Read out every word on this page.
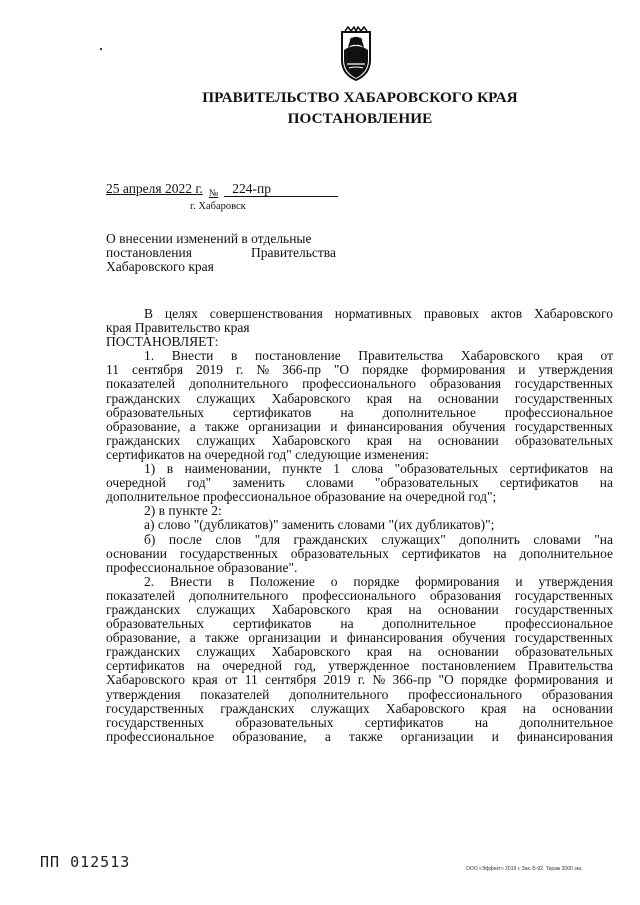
ПРАВИТЕЛЬСТВО ХАБАРОВСКОГО КРАЯ
ПОСТАНОВЛЕНИЕ
25 апреля 2022 г. $_№$ 224-пр
г. Хабаровск
О внесении изменений в отдельные
постановления Правительства
Хабаровского края
В целях совершенствования нормативных правовых актов Хабаровского
края Правительство края
ПОСТАНОВЛЯЕТ:
1. Внести в постановление Правительства Хабаровского края от
11 сентября 2019 г. № 366-пр "О порядке формирования и утверждения
показателей дополнительного профессионального образования государственных
гражданских служащих Хабаровского края на основании государственных
образовательных сертификатов на дополнительное профессиональное
образование, а также организации и финансирования обучения государственных
гражданских служащих Хабаровского края на основании образовательных
сертификатов на очередной год" следующие изменения:
1) в наименовании, пункте 1 слова "образовательных сертификатов на
очередной год" заменить словами "образовательных сертификатов на
дополнительное профессиональное образование на очередной год";
2) в пункте 2:
а) слово "(дубликатов)" заменить словами "(их дубликатов)";
б) после слов "для гражданских служащих" дополнить словами "на
основании государственных образовательных сертификатов на дополнительное
профессиональное образование".
2. Внести в Положение о порядке формирования и утверждения
показателей дополнительного профессионального образования государственных
гражданских служащих Хабаровского края на основании государственных
образовательных сертификатов на дополнительное профессиональное
образование, а также организации и финансирования обучения государственных
гражданских служащих Хабаровского края на основании образовательных
сертификатов на очередной год, утвержденное постановлением Правительства
Хабаровского края от 11 сентября 2019 г. № 366-пр "О порядке формирования и
утверждения показателей дополнительного профессионального образования
государственных гражданских служащих Хабаровского края на основании
государственных образовательных сертификатов на дополнительное
профессиональное образование, а также организации и финансирования
ПП 012513	ООО «Эффект» 2019 г. Зак. Б-92. Тираж 2000 экз.
